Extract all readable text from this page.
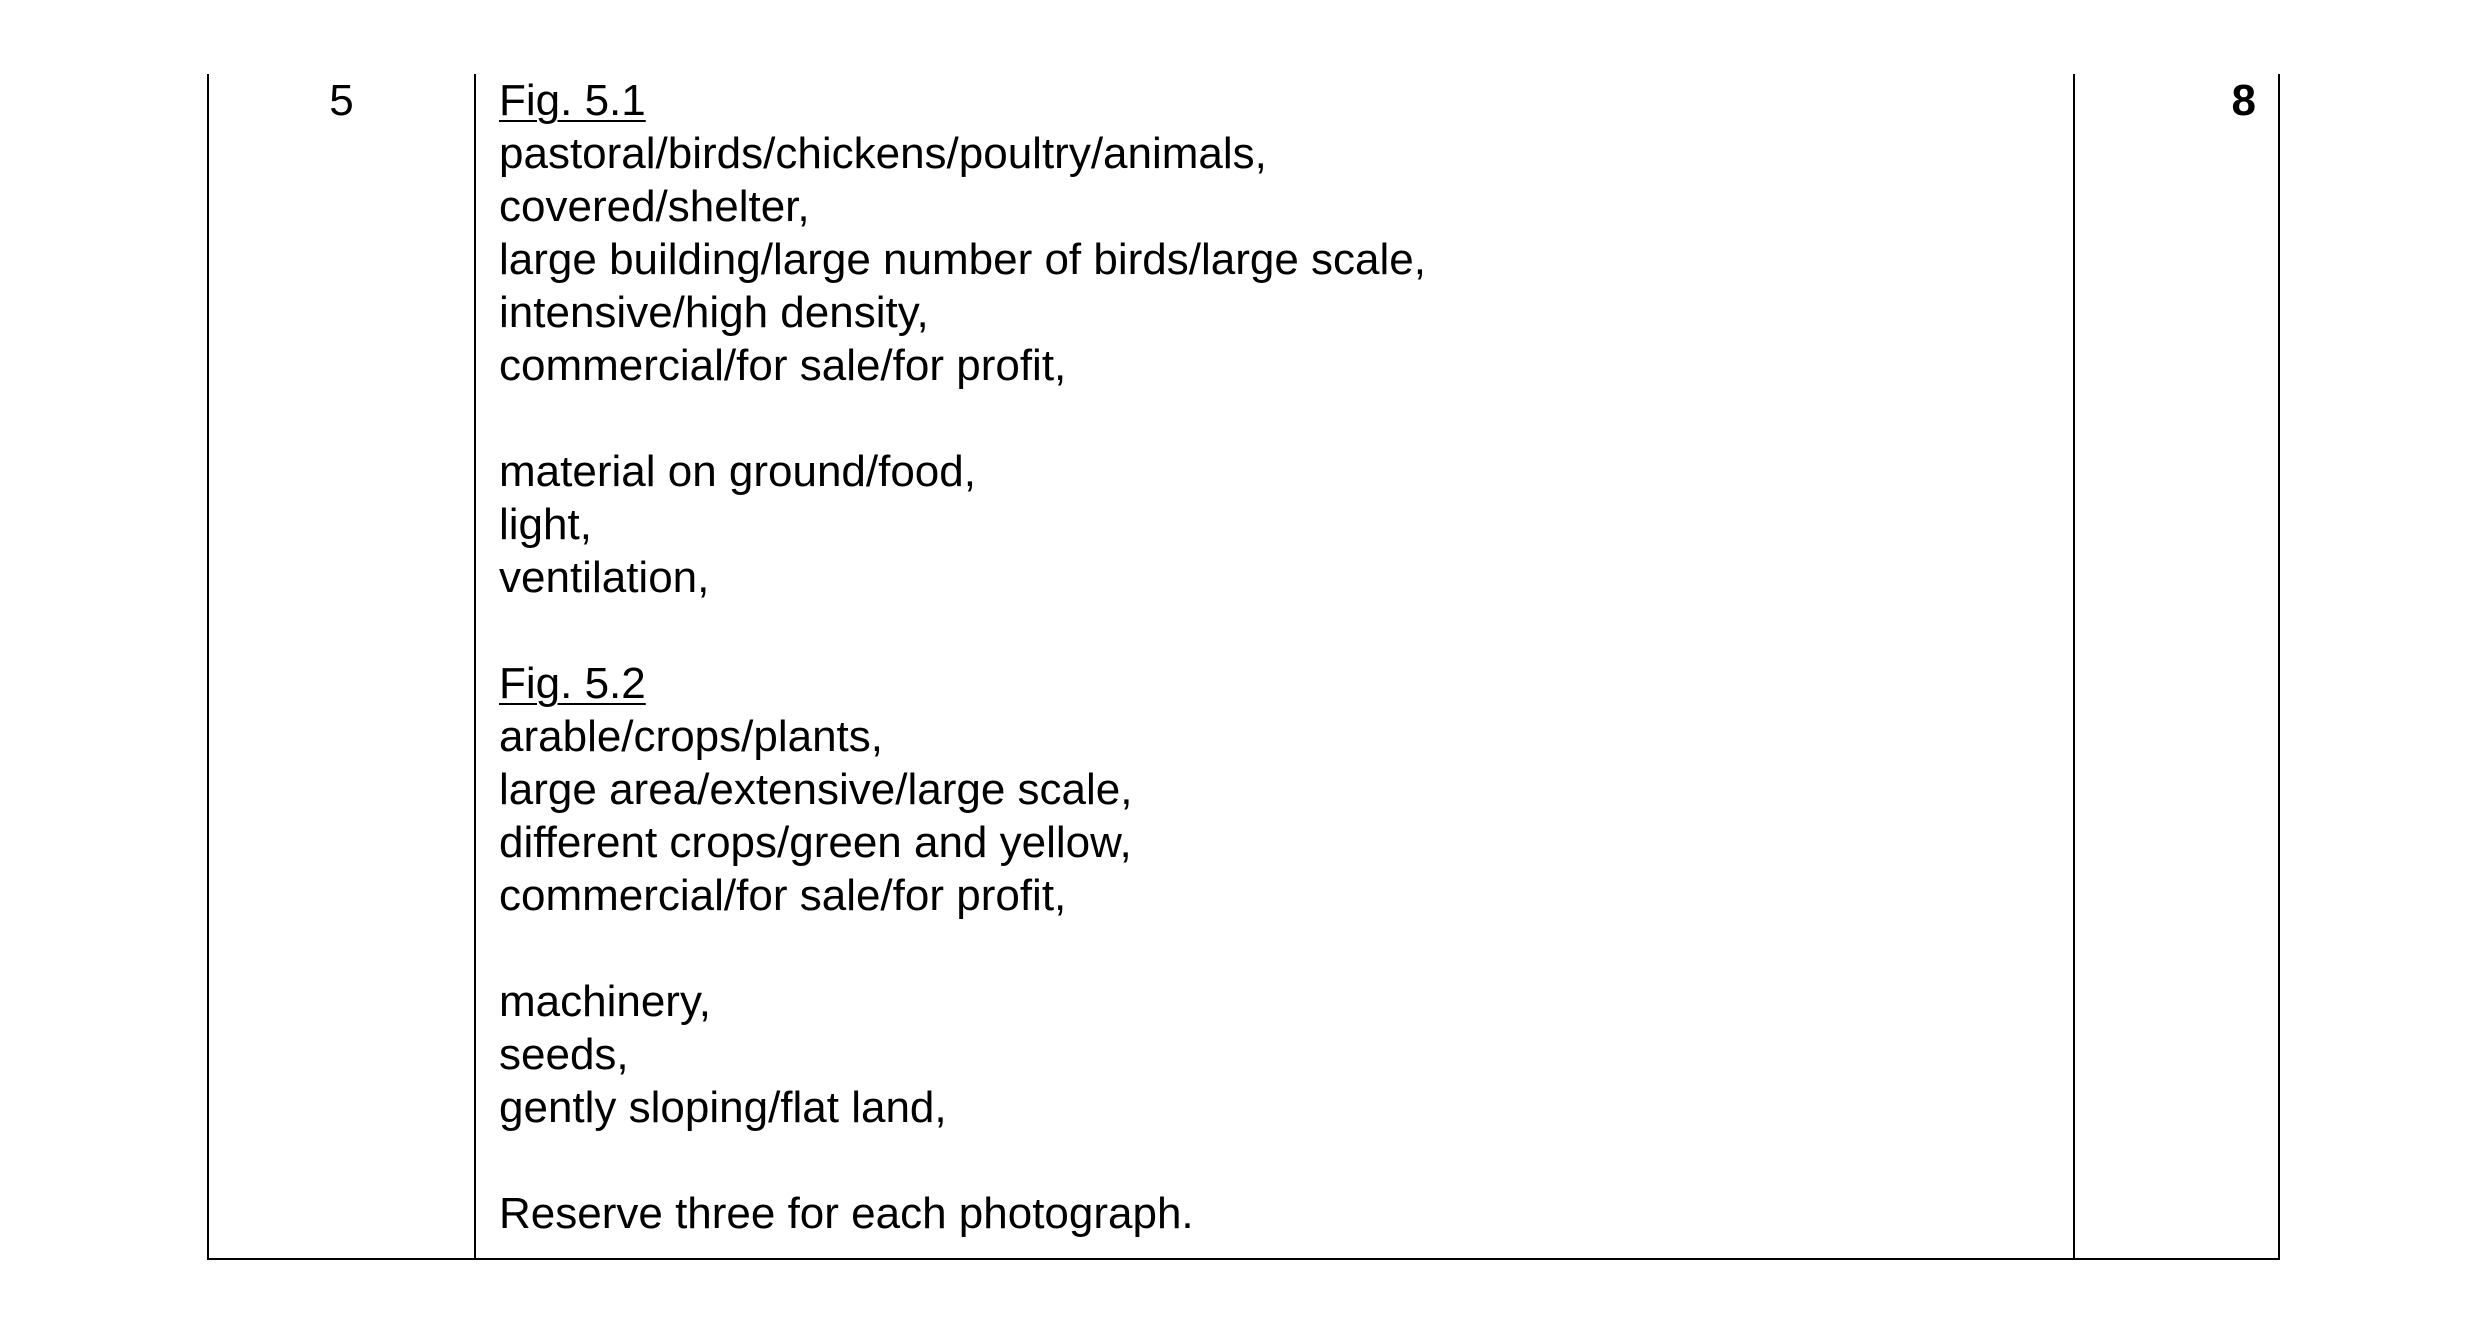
5	Fig. 5.1
pastoral/birds/chickens/poultry/animals,
covered/shelter,
large building/large number of birds/large scale,
intensive/high density,
commercial/for sale/for profit,
material on ground/food,
light,
ventilation,
Fig. 5.2
arable/crops/plants,
large area/extensive/large scale,
different crops/green and yellow,
commercial/for sale/for profit,
machinery,
seeds,
gently sloping/flat land,
Reserve three for each photograph.
8
